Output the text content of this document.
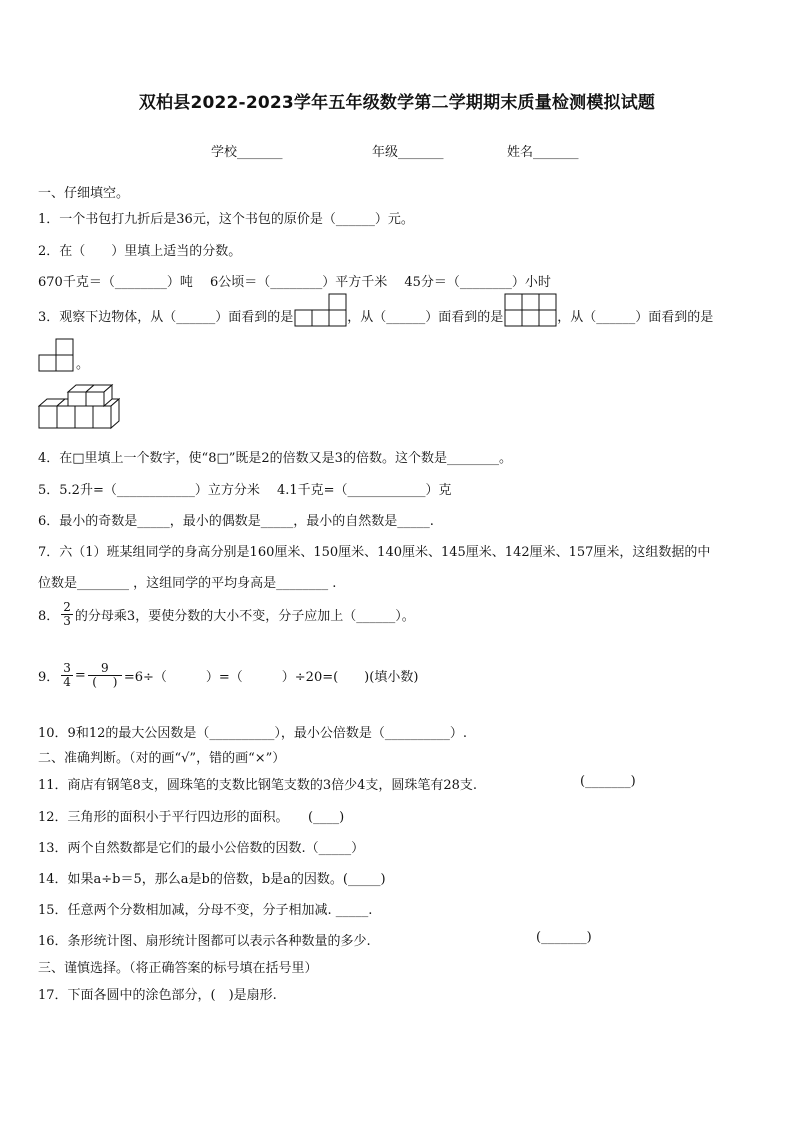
双柏县2022-2023学年五年级数学第二学期期末质量检测模拟试题
学校_______	年级_______	姓名_______
一、仔细填空。
1．一个书包打九折后是36元，这个书包的原价是（______）元。
2．在（　　）里填上适当的分数。
670千克＝（________）吨　 6公顷＝（________）平方千米　 45分＝（________）小时
3．观察下边物体，从（______）面看到的是	，从（______）面看到的是	，从（______）面看到的是
。
4．在□里填上一个数字，使“8□”既是2的倍数又是3的倍数。这个数是________。
5．5.2升=（____________）立方分米　 4.1千克=（____________）克
6．最小的奇数是_____，最小的偶数是_____，最小的自然数是_____.
7．六（1）班某组同学的身高分别是160厘米、150厘米、140厘米、145厘米、142厘米、157厘米，这组数据的中
位数是________ ，这组同学的平均身高是________ .
8． $\frac{2}{3}$ 的分母乘3，要使分数的大小不变，分子应加上（______）。
9． $\frac{3}{4} = \frac{9}{( )} =6\div$（　　　）=（　　　）÷20=(　　)(填小数)
10．9和12的最大公因数是（__________），最小公倍数是（__________）.
二、准确判断。（对的画“√”，错的画“×”）
11．商店有钢笔8支，圆珠笔的支数比钢笔支数的3倍少4支，圆珠笔有28支.	(_______)
12．三角形的面积小于平行四边形的面积。　　(____)
13．两个自然数都是它们的最小公倍数的因数.（_____）
14．如果a÷b＝5，那么a是b的倍数，b是a的因数。(_____)
15．任意两个分数相加减，分母不变，分子相加减. _____.
16．条形统计图、扇形统计图都可以表示各种数量的多少.	(_______)
三、谨慎选择。（将正确答案的标号填在括号里）
17．下面各圆中的涂色部分，(　)是扇形.
